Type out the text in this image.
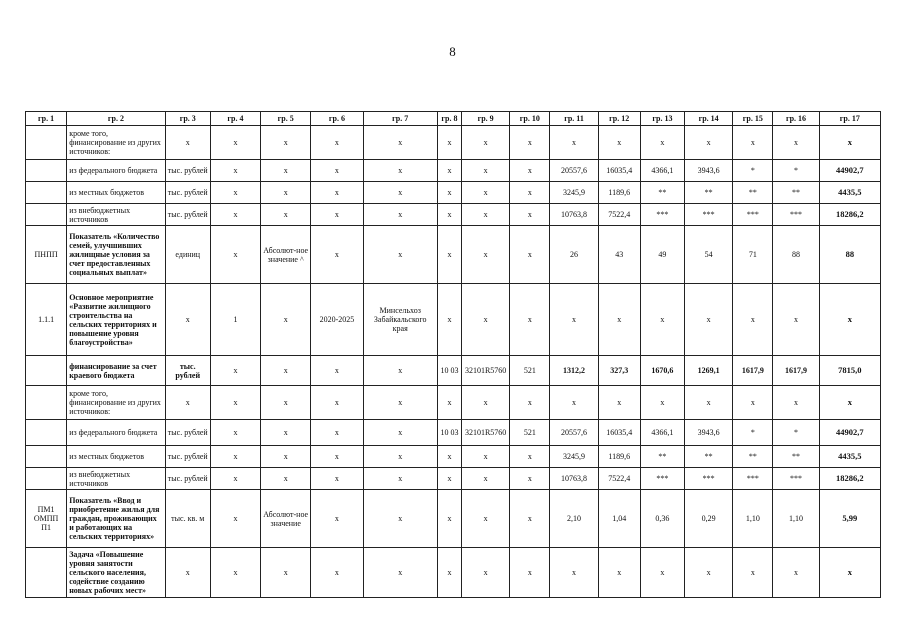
8
гр. 1	гр. 2	гр. 3	гр. 4	гр. 5	гр. 6	гр. 7	гр. 8	гр. 9	гр. 10	гр. 11	гр. 12	гр. 13	гр. 14	гр. 15	гр. 16	гр. 17
	кроме того, финансирование из других источников:	х	х	х	х	х	х	х	х	х	х	х	х	х	х	х
	из федерального бюджета	тыс. рублей	х	х	х	х	х	х	х	20557,6	16035,4	4366,1	3943,6	*	*	44902,7
	из местных бюджетов	тыс. рублей	х	х	х	х	х	х	х	3245,9	1189,6	**	**	**	**	4435,5
	из внебюджетных источников	тыс. рублей	х	х	х	х	х	х	х	10763,8	7522,4	***	***	***	***	18286,2
ПНПП	Показатель «Количество семей, улучшивших жилищные условия за счет предоставленных социальных выплат»	единиц	х	Абсолют-ное значение ^	х	х	х	х	х	26	43	49	54	71	88	88
1.1.1	Основное мероприятие «Развитие жилищного строительства на сельских территориях и повышение уровня благоустройства»	х	1	х	2020-2025	Минсельхоз Забайкальского края	х	х	х	х	х	х	х	х	х	х
	финансирование за счет краевого бюджета	тыс. рублей	х	х	х	х	10 03	32101R5760	521	1312,2	327,3	1670,6	1269,1	1617,9	1617,9	7815,0
	кроме того, финансирование из других источников:	х	х	х	х	х	х	х	х	х	х	х	х	х	х	х
	из федерального бюджета	тыс. рублей	х	х	х	х	10 03	32101R5760	521	20557,6	16035,4	4366,1	3943,6	*	*	44902,7
	из местных бюджетов	тыс. рублей	х	х	х	х	х	х	х	3245,9	1189,6	**	**	**	**	4435,5
	из внебюджетных источников	тыс. рублей	х	х	х	х	х	х	х	10763,8	7522,4	***	***	***	***	18286,2
ПМ1 ОМПП П1	Показатель «Ввод и приобретение жилья для граждан, проживающих и работающих на сельских территориях»	тыс. кв. м	х	Абсолют-ное значение	х	х	х	х	х	2,10	1,04	0,36	0,29	1,10	1,10	5,99
	Задача «Повышение уровня занятости сельского населения, содействие созданию новых рабочих мест»	х	х	х	х	х	х	х	х	х	х	х	х	х	х	х
